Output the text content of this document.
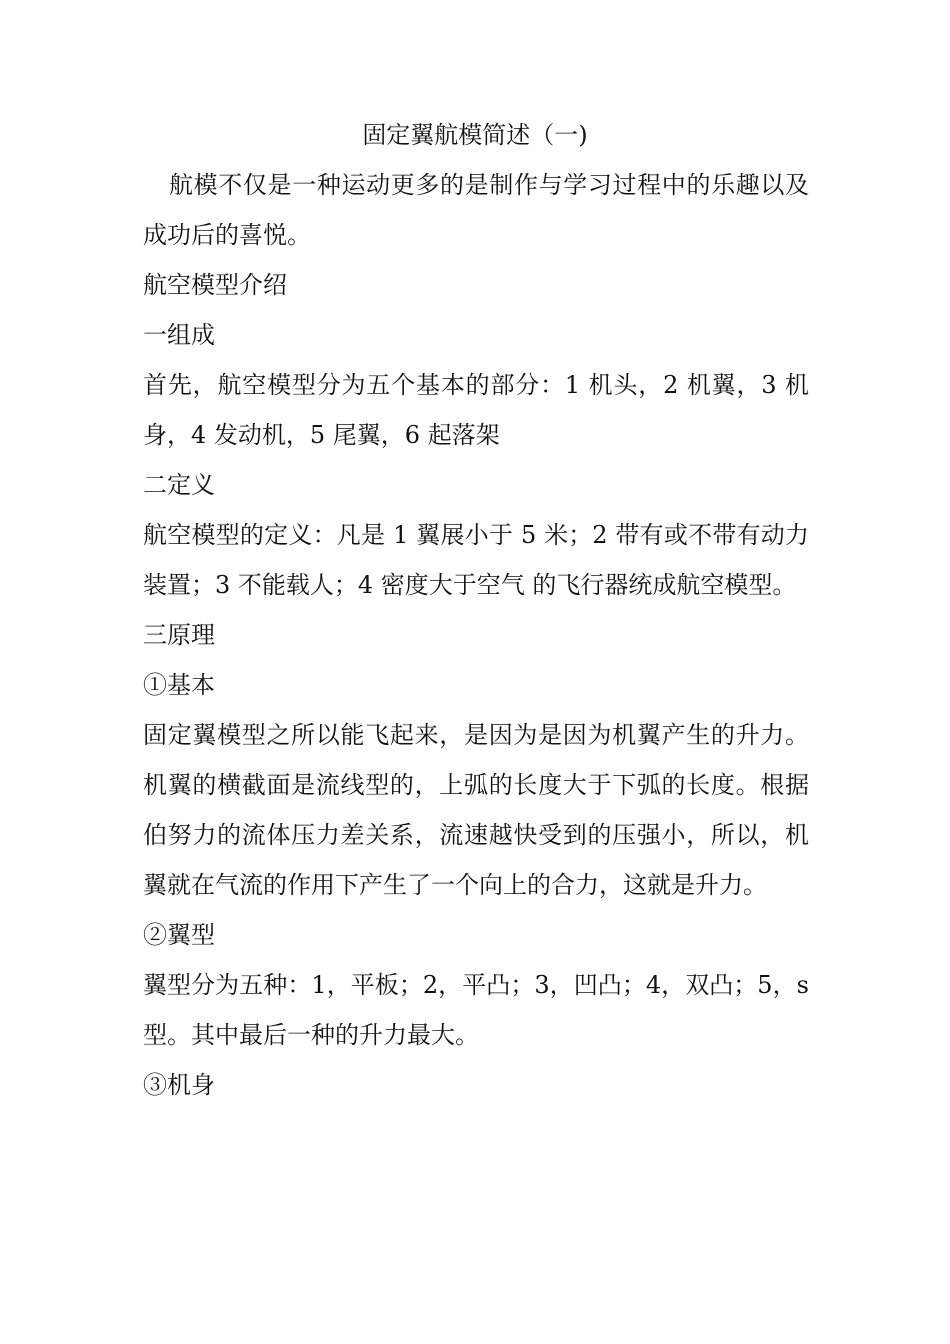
固定翼航模简述（一)

航模不仅是一种运动更多的是制作与学习过程中的乐趣以及成功后的喜悦。

航空模型介绍

一组成

首先，航空模型分为五个基本的部分：1 机头，2 机翼，3 机身，4 发动机，5 尾翼，6 起落架

二定义

航空模型的定义：凡是 1 翼展小于 5 米；2 带有或不带有动力装置；3 不能载人；4 密度大于空气 的飞行器统成航空模型。

三原理

①基本

固定翼模型之所以能飞起来，是因为是因为机翼产生的升力。机翼的横截面是流线型的，上弧的长度大于下弧的长度。根据伯努力的流体压力差关系，流速越快受到的压强小，所以，机翼就在气流的作用下产生了一个向上的合力，这就是升力。

②翼型

翼型分为五种：1，平板；2，平凸；3，凹凸；4，双凸；5，s 型。其中最后一种的升力最大。

③机身
